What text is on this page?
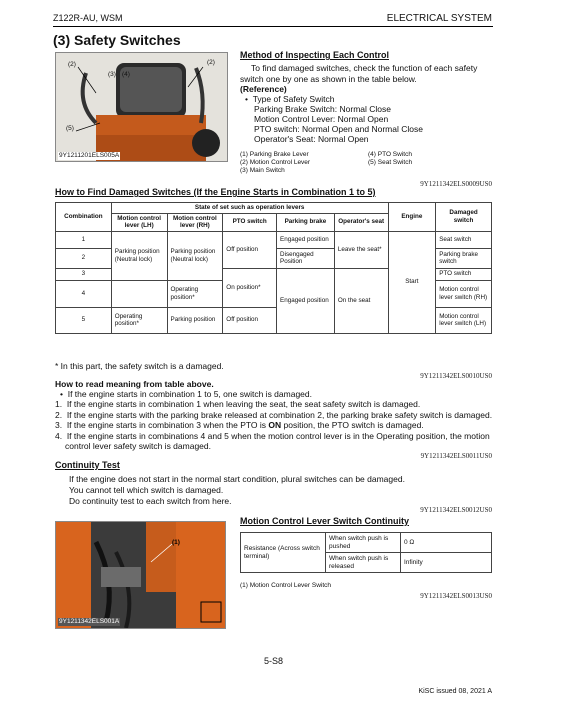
Z122R-AU, WSM	ELECTRICAL SYSTEM
(3) Safety Switches
(2)
(3) (4)
(2)
(5)
9Y1211201ELS005A
Method of Inspecting Each Control
To find damaged switches, check the function of each safety switch one by one as shown in the table below.
(Reference)
•  Type of Safety Switch
Parking Brake Switch: Normal Close
Motion Control Lever: Normal Open
PTO switch: Normal Open and Normal Close
Operator's Seat: Normal Open
(1) Parking Brake Lever	(4) PTO Switch
(2) Motion Control Lever	(5) Seat Switch
(3) Main Switch
9Y1211342ELS0009US0
How to Find Damaged Switches (If the Engine Starts in Combination 1 to 5)
Combination	State of set such as operation levers					Engine	Damaged switch
	Motion control lever (LH)	Motion control lever (RH)	PTO switch	Parking brake	Operator's seat		
1	Parking position (Neutral lock)	Parking position (Neutral lock)	Off position	Engaged position	Leave the seat*	Start	Seat switch
2				Disengaged Position			Parking brake switch
3			On position*	Engaged position	On the seat		PTO switch
4		Operating position*					Motion control lever switch (RH)
5	Operating position*	Parking position	Off position				Motion control lever switch (LH)
* In this part, the safety switch is a damaged.
9Y1211342ELS0010US0
How to read meaning from table above.
•  If the engine starts in combination 1 to 5, one switch is damaged.
1.  If the engine starts in combination 1 when leaving the seat, the seat safety switch is damaged.
2.  If the engine starts with the parking brake released at combination 2, the parking brake safety switch is damaged.
3.  If the engine starts in combination 3 when the PTO is ON position, the PTO switch is damaged.
4.  If the engine starts in combinations 4 and 5 when the motion control lever is in the Operating position, the motion control lever safety switch is damaged.
9Y1211342ELS0011US0
Continuity Test
If the engine does not start in the normal start condition, plural switches can be damaged.
You cannot tell which switch is damaged.
Do continuity test to each switch from here.
9Y1211342ELS0012US0
(1)
9Y1211342ELS001A
Motion Control Lever Switch Continuity
Resistance (Across switch terminal)	When switch push is pushed	0 Ω
	When switch push is released	Infinity
(1) Motion Control Lever Switch
9Y1211342ELS0013US0
5-S8
KiSC issued 08, 2021 A
